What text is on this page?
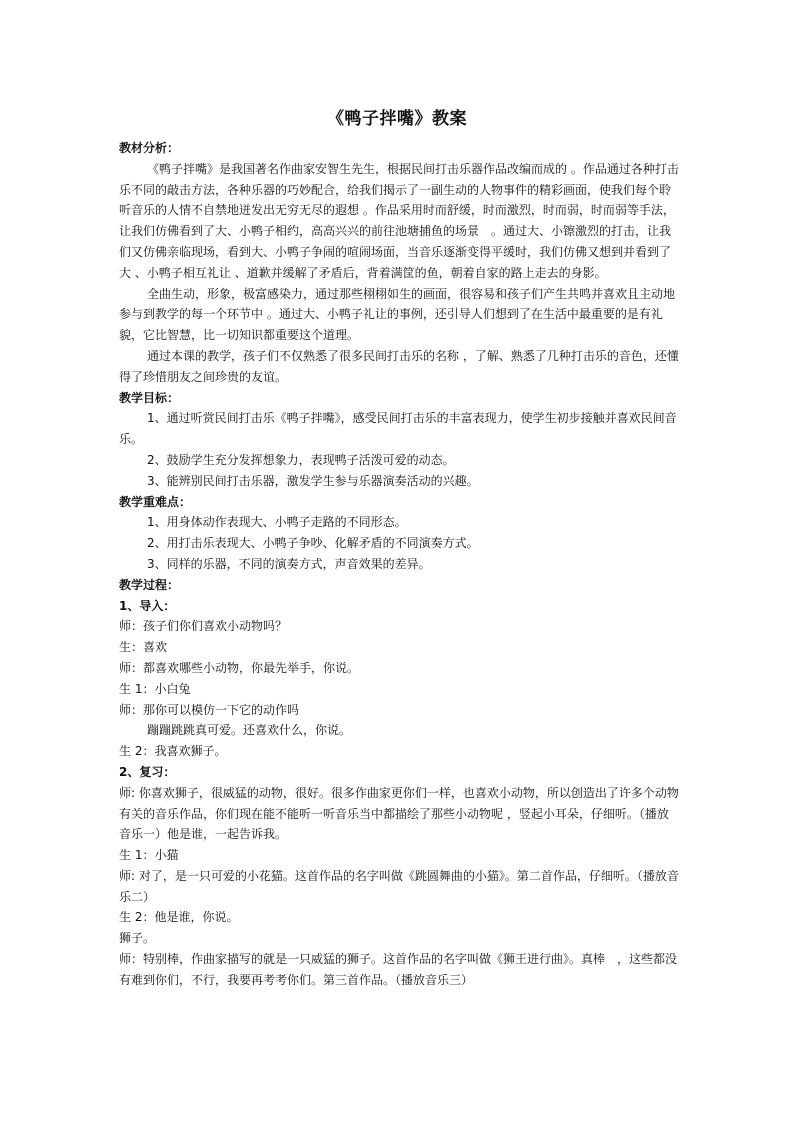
《鸭子拌嘴》教案
教材分析：

《鸭子拌嘴》是我国著名作曲家安智生先生，根据民间打击乐器作品改编而成的 。作品通过各种打击乐不同的敲击方法，各种乐器的巧妙配合，给我们揭示了一副生动的人物事件的精彩画面，使我们每个聆听音乐的人情不自禁地迸发出无穷无尽的遐想 。作品采用时而舒缓，时而激烈，时而弱，时而弱等手法，让我们仿佛看到了大、小鸭子相约，高高兴兴的前往池塘捕鱼的场景　。通过大、小镲激烈的打击，让我们又仿佛亲临现场，看到大、小鸭子争闹的喧闹场面，当音乐逐渐变得平缓时，我们仿佛又想到并看到了大 、小鸭子相互礼让 、道歉并缓解了矛盾后，背着满筐的鱼，朝着自家的路上走去的身影。

全曲生动，形象，极富感染力，通过那些栩栩如生的画面，很容易和孩子们产生共鸣并喜欢且主动地参与到教学的每一个环节中 。通过大、小鸭子礼让的事例，还引导人们想到了在生活中最重要的是有礼貌，它比智慧，比一切知识都重要这个道理。

通过本课的教学，孩子们不仅熟悉了很多民间打击乐的名称 ，了解、熟悉了几种打击乐的音色，还懂得了珍惜朋友之间珍贵的友谊。

教学目标：

1、通过听赏民间打击乐《鸭子拌嘴》，感受民间打击乐的丰富表现力，使学生初步接触并喜欢民间音乐。

2、鼓励学生充分发挥想象力，表现鸭子活泼可爱的动态。

3、能辨别民间打击乐器，激发学生参与乐器演奏活动的兴趣。

教学重难点：

1、用身体动作表现大、小鸭子走路的不同形态。

2、用打击乐表现大、小鸭子争吵、化解矛盾的不同演奏方式。

3、同样的乐器，不同的演奏方式，声音效果的差异。

教学过程：
1、导入：

师：孩子们你们喜欢小动物吗？

生：喜欢

师：都喜欢哪些小动物，你最先举手，你说。

生 1：小白兔

师：那你可以模仿一下它的动作吗

蹦蹦跳跳真可爱。还喜欢什么，你说。

生 2：我喜欢狮子。

2、复习：

师: 你喜欢狮子，很威猛的动物，很好。很多作曲家更你们一样，也喜欢小动物，所以创造出了许多个动物有关的音乐作品，你们现在能不能听一听音乐当中都描绘了那些小动物呢 ，竖起小耳朵，仔细听。（播放音乐一）他是谁，一起告诉我。

生 1：小猫

师: 对了，是一只可爱的小花猫。这首作品的名字叫做《跳圆舞曲的小猫》。第二首作品，仔细听。（播放音乐二）

生 2：他是谁，你说。

狮子。

师：特别棒，作曲家描写的就是一只威猛的狮子。这首作品的名字叫做《狮王进行曲》。真棒　，这些都没有难到你们，不行，我要再考考你们。第三首作品。（播放音乐三）
